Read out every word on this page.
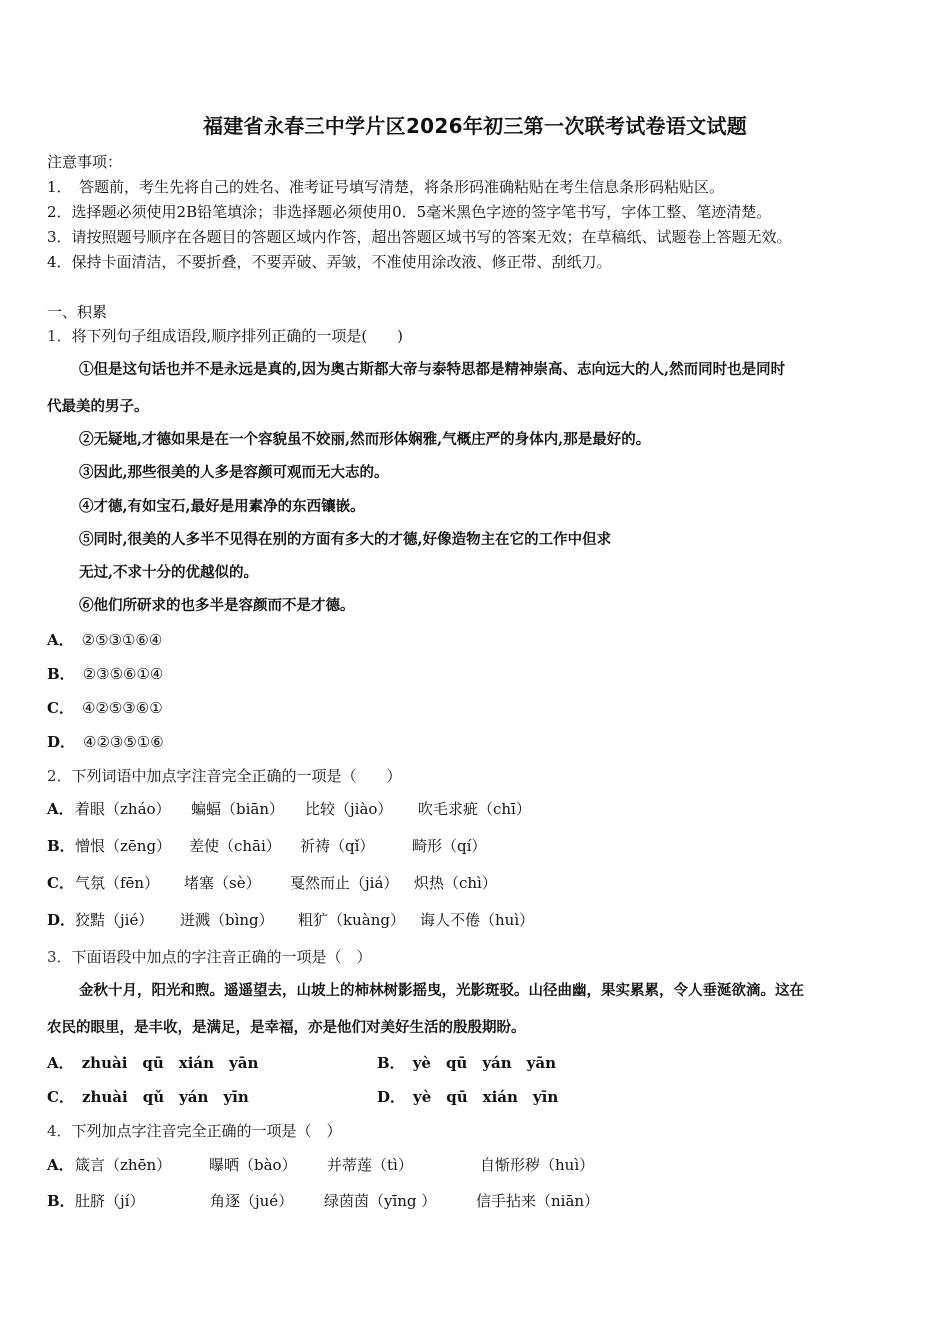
福建省永春三中学片区2026年初三第一次联考试卷语文试题
注意事项：
1．　答题前，考生先将自己的姓名、准考证号填写清楚，将条形码准确粘贴在考生信息条形码粘贴区。
2．选择题必须使用2B铅笔填涂；非选择题必须使用0．5毫米黑色字迹的签字笔书写，字体工整、笔迹清楚。
3．请按照题号顺序在各题目的答题区域内作答，超出答题区域书写的答案无效；在草稿纸、试题卷上答题无效。
4．保持卡面清洁，不要折叠，不要弄破、弄皱，不准使用涂改液、修正带、刮纸刀。
一、积累
1．将下列句子组成语段,顺序排列正确的一项是(　　)
①但是这句话也并不是永远是真的,因为奥古斯都大帝与泰特思都是精神崇高、志向远大的人,然而同时也是同时
代最美的男子。
②无疑地,才德如果是在一个容貌虽不姣丽,然而形体娴雅,气概庄严的身体内,那是最好的。
③因此,那些很美的人多是容颜可观而无大志的。
④才德,有如宝石,最好是用素净的东西镶嵌。
⑤同时,很美的人多半不见得在别的方面有多大的才德,好像造物主在它的工作中但求
无过,不求十分的优越似的。
⑥他们所研求的也多半是容颜而不是才德。
A． ②⑤③①⑥④
B． ②③⑤⑥①④
C． ④②⑤③⑥①
D． ④②③⑤①⑥
2．下列词语中加点字注音完全正确的一项是（　　）
A． 着眼（zháo） 蝙蝠（biān） 比较（jiào） 吹毛求疵（chī）
B． 憎恨（zēng） 差使（chāi） 祈祷（qǐ）	畸形（qí）
C． 气氛（fēn） 堵塞（sè） 戛然而止（jiá） 炽热（chì）
D． 狡黠（jié） 迸溅（bìng） 粗犷（kuàng） 诲人不倦（huì）
3．下面语段中加点的字注音正确的一项是（　）
金秋十月，阳光和煦。遥遥望去，山坡上的柿林树影摇曳，光影斑驳。山径曲幽，果实累累，令人垂涎欲滴。这在
农民的眼里，是丰收，是满足，是幸福，亦是他们对美好生活的殷殷期盼。
A． zhuài　qū　xián　yān	B． yè　qū　yán　yān
C． zhuài　qǔ　yán　yīn	D． yè　qū　xián　yīn
4．下列加点字注音完全正确的一项是（　）
A． 箴言（zhēn）	曝晒（bào） 并蒂莲（tì）	自惭形秽（huì）
B． 肚脐（jí）	角逐（jué） 绿茵茵（yīng ）	信手拈来（niān）
